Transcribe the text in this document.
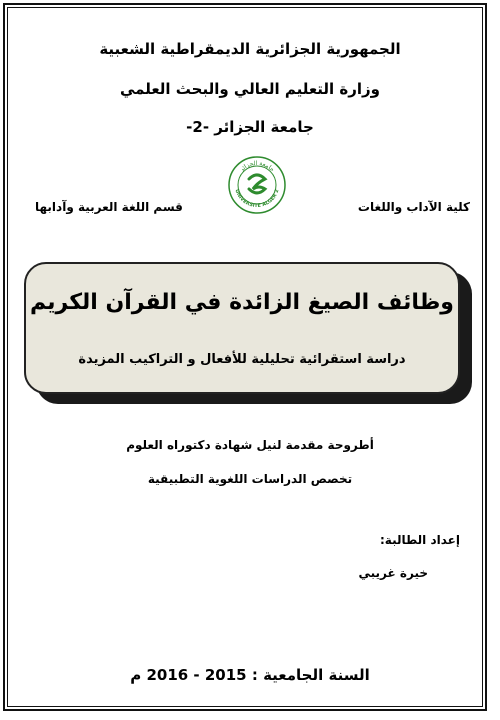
الجمهورية الجزائرية الديمقراطية الشعبية
وزارة التعليم العالي والبحث العلمي
جامعة الجزائر -2-
كلية الآداب واللغات
قسم اللغة العربية وآدابها
جامعة الجزائر
UNIVERSITE ALGER 2
وظائف الصيغ الزائدة في القرآن الكريم
دراسة استقرائية تحليلية للأفعال و التراكيب المزيدة
أطروحة مقدمة لنيل شهادة دكتوراه العلوم
تخصص الدراسات اللغوية التطبيقية
إعداد الطالبة:
خيرة غريبي
السنة الجامعية : 2015 - 2016 م
